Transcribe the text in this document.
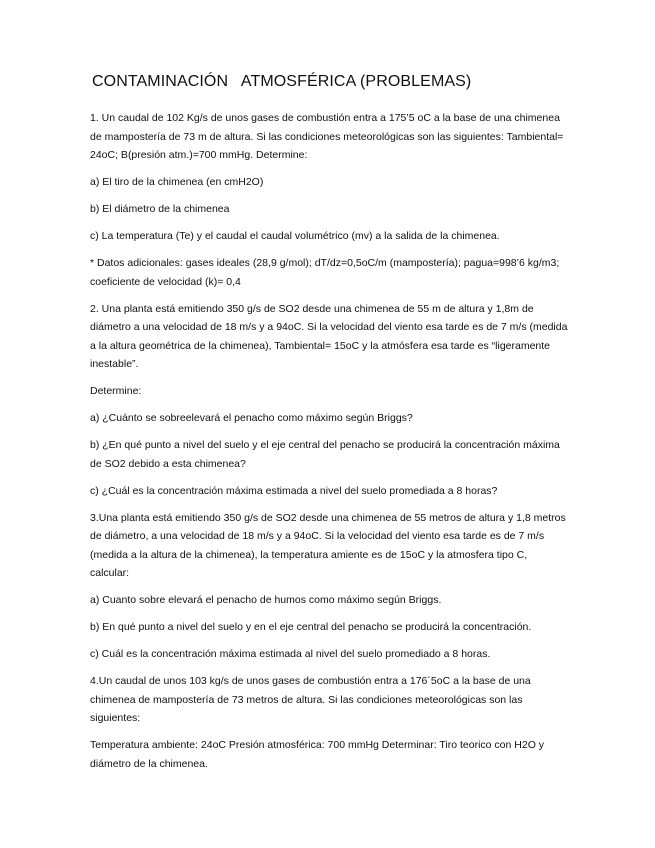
CONTAMINACIÓN   ATMOSFÉRICA (PROBLEMAS)

1. Un caudal de 102 Kg/s de unos gases de combustión entra a 175’5 oC a la base de una chimenea de mampostería de 73 m de altura. Si las condiciones meteorológicas son las siguientes: Tambiental= 24oC; B(presión atm.)=700 mmHg. Determine:

a) El tiro de la chimenea (en cmH2O)

b) El diámetro de la chimenea

c) La temperatura (Te) y el caudal el caudal volumétrico (mv) a la salida de la chimenea.

* Datos adicionales: gases ideales (28,9 g/mol); dT/dz=0,5oC/m (mampostería); pagua=998’6 kg/m3; coeficiente de velocidad (k)= 0,4

2. Una planta está emitiendo 350 g/s de SO2 desde una chimenea de 55 m de altura y 1,8m de diámetro a una velocidad de 18 m/s y a 94oC. Si la velocidad del viento esa tarde es de 7 m/s (medida a la altura geométrica de la chimenea), Tambiental= 15oC y la atmósfera esa tarde es “ligeramente inestable”.

Determine:

a) ¿Cuánto se sobreelevará el penacho como máximo según Briggs?

b) ¿En qué punto a nivel del suelo y el eje central del penacho se producirá la concentración máxima de SO2 debido a esta chimenea?

c) ¿Cuál es la concentración máxima estimada a nivel del suelo promediada a 8 horas?

3.Una planta está emitiendo 350 g/s de SO2 desde una chimenea de 55 metros de altura y 1,8 metros de diámetro, a una velocidad de 18 m/s y a 94oC. Si la velocidad del viento esa tarde es de 7 m/s (medida a la altura de la chimenea), la temperatura amiente es de 15oC y la atmosfera tipo C, calcular:

a) Cuanto sobre elevará el penacho de humos como máximo según Briggs.

b) En qué punto a nivel del suelo y en el eje central del penacho se producirá la concentración.

c) Cuál es la concentración máxima estimada al nivel del suelo promediado a 8 horas.

4.Un caudal de unos 103 kg/s de unos gases de combustión entra a 176´5oC a la base de una chimenea de mampostería de 73 metros de altura. Si las condiciones meteorológicas son las siguientes:

Temperatura ambiente: 24oC Presión atmosférica: 700 mmHg Determinar: Tiro teorico con H2O y diámetro de la chimenea.
